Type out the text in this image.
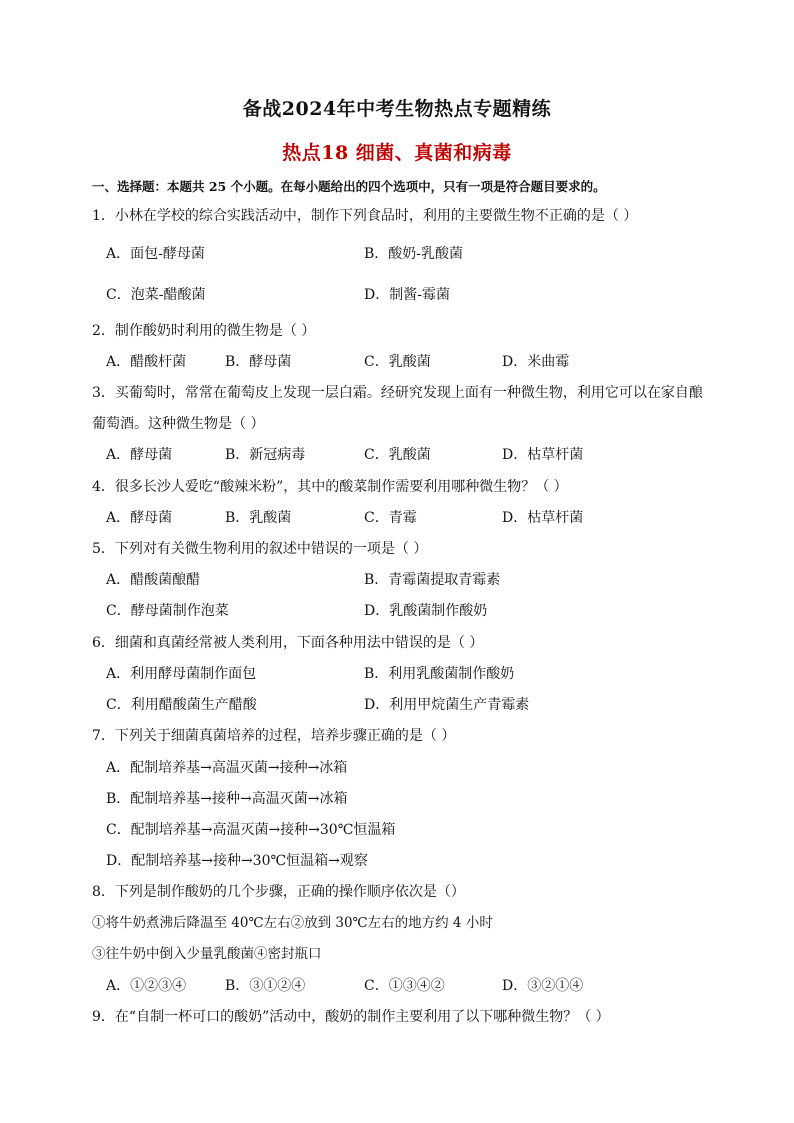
备战2024年中考生物热点专题精练
热点18 细菌、真菌和病毒
一、选择题：本题共 25 个小题。在每小题给出的四个选项中，只有一项是符合题目要求的。
1．小林在学校的综合实践活动中，制作下列食品时，利用的主要微生物不正确的是（ ）
A．面包-酵母菌	B．酸奶-乳酸菌
C．泡菜-醋酸菌	D．制酱-霉菌
2．制作酸奶时利用的微生物是（ ）
A．醋酸杆菌	B．酵母菌	C．乳酸菌	D．米曲霉
3．买葡萄时，常常在葡萄皮上发现一层白霜。经研究发现上面有一种微生物，利用它可以在家自酿葡萄酒。这种微生物是（ ）
A．酵母菌	B．新冠病毒	C．乳酸菌	D．枯草杆菌
4．很多长沙人爱吃“酸辣米粉”，其中的酸菜制作需要利用哪种微生物？（ ）
A．酵母菌	B．乳酸菌	C．青霉	D．枯草杆菌
5．下列对有关微生物利用的叙述中错误的一项是（ ）
A．醋酸菌酿醋	B．青霉菌提取青霉素
C．酵母菌制作泡菜	D．乳酸菌制作酸奶
6．细菌和真菌经常被人类利用，下面各种用法中错误的是（ ）
A．利用酵母菌制作面包	B．利用乳酸菌制作酸奶
C．利用醋酸菌生产醋酸	D．利用甲烷菌生产青霉素
7．下列关于细菌真菌培养的过程，培养步骤正确的是（ ）
A．配制培养基→高温灭菌→接种→冰箱
B．配制培养基→接种→高温灭菌→冰箱
C．配制培养基→高温灭菌→接种→30℃恒温箱
D．配制培养基→接种→30℃恒温箱→观察
8．下列是制作酸奶的几个步骤，正确的操作顺序依次是（）
①将牛奶煮沸后降温至 40℃左右②放到 30℃左右的地方约 4 小时
③往牛奶中倒入少量乳酸菌④密封瓶口
A．①②③④	B．③①②④	C．①③④②	D．③②①④
9．在“自制一杯可口的酸奶”活动中，酸奶的制作主要利用了以下哪种微生物？（ ）
